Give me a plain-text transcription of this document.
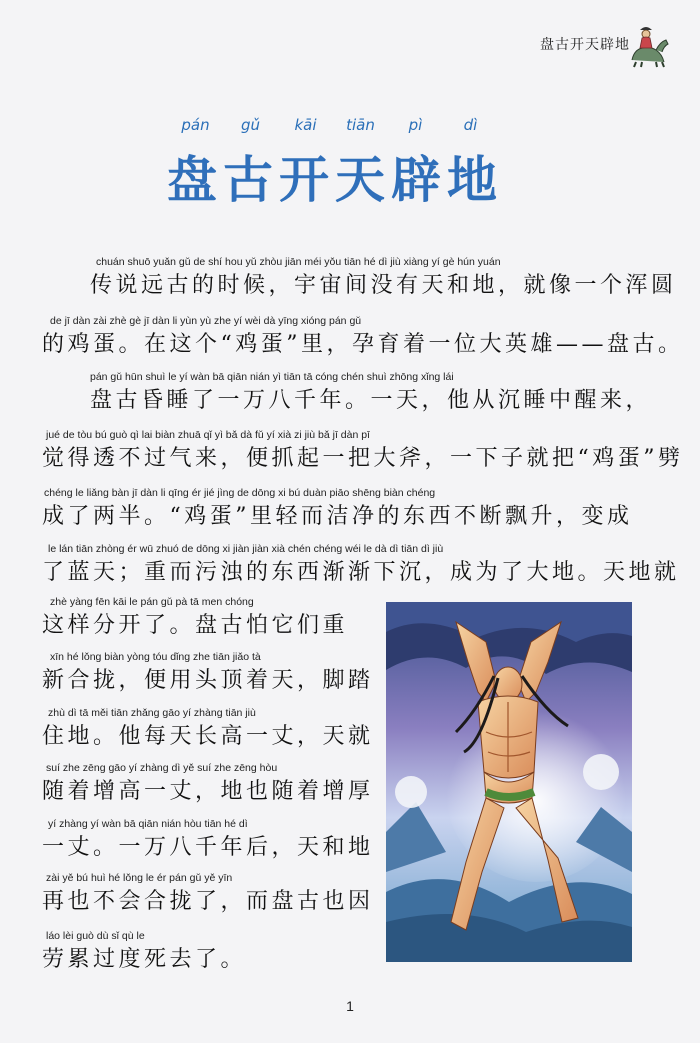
盘古开天辟地
pán	gǔ	kāi	tiān	pì	dì
盘古开天辟地
chuán shuō yuǎn gǔ de shí hou yǔ zhòu jiān méi yǒu tiān hé dì jiù xiàng yí gè hún yuán
传说远古的时候，宇宙间没有天和地，就像一个浑圆
de jī dàn zài zhè gè jī dàn li yùn yù zhe yí wèi dà yīng xióng pán gǔ
的鸡蛋。在这个“鸡蛋”里，孕育着一位大英雄——盘古。
pán gǔ hūn shuì le yí wàn bā qiān nián yì tiān tā cóng chén shuì zhōng xǐng lái
盘古昏睡了一万八千年。一天，他从沉睡中醒来，
jué de tòu bú guò qì lai biàn zhuā qǐ yì bǎ dà fǔ yí xià zi jiù bǎ jī dàn pī
觉得透不过气来，便抓起一把大斧，一下子就把“鸡蛋”劈
chéng le liǎng bàn jī dàn li qīng ér jié jìng de dōng xi bú duàn piāo shēng biàn chéng
成了两半。“鸡蛋”里轻而洁净的东西不断飘升，变成
le lán tiān zhòng ér wū zhuó de dōng xi jiàn jiàn xià chén chéng wéi le dà dì tiān dì jiù
了蓝天；重而污浊的东西渐渐下沉，成为了大地。天地就
zhè yàng fēn kāi le pán gǔ pà tā men chóng
这样分开了。盘古怕它们重
xīn hé lǒng biàn yòng tóu dǐng zhe tiān jiǎo tà
新合拢，便用头顶着天，脚踏
zhù dì tā měi tiān zhǎng gāo yí zhàng tiān jiù
住地。他每天长高一丈，天就
suí zhe zēng gāo yí zhàng dì yě suí zhe zēng hòu
随着增高一丈，地也随着增厚
yí zhàng yí wàn bā qiān nián hòu tiān hé dì
一丈。一万八千年后，天和地
zài yě bú huì hé lǒng le ér pán gǔ yě yīn
再也不会合拢了，而盘古也因
láo lèi guò dù sǐ qù le
劳累过度死去了。
1
